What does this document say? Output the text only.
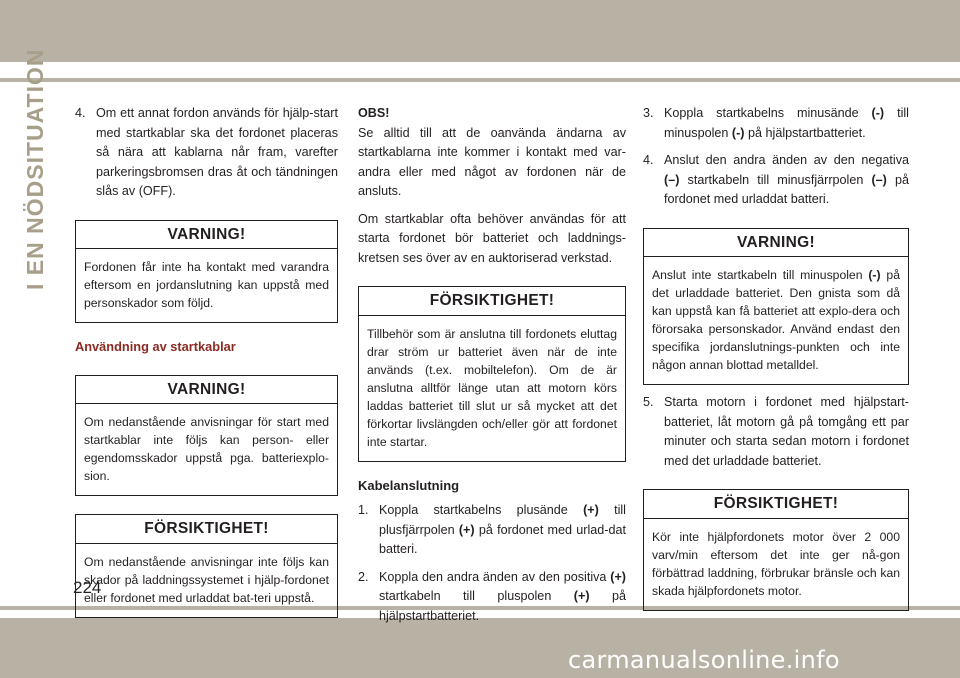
I EN NÖDSITUATION 4. Om ett annat fordon används för hjälp-start med startkablar ska det fordonet placeras så nära att kablarna når fram, varefter parkeringsbromsen dras åt och tändningen slås av (OFF).
VARNING!
Fordonen får inte ha kontakt med varandra eftersom en jordanslutning kan uppstå med personskador som följd.
Användning av startkablar
VARNING!
Om nedanstående anvisningar för start med startkablar inte följs kan person- eller egendomsskador uppstå pga. batteriexplo-sion.
FÖRSIKTIGHET!
Om nedanstående anvisningar inte följs kan skador på laddningssystemet i hjälp-fordonet eller fordonet med urladdat bat-teri uppstå.
OBS!
Se alltid till att de oanvända ändarna av startkablarna inte kommer i kontakt med var-andra eller med något av fordonen när de ansluts.
Om startkablar ofta behöver användas för att starta fordonet bör batteriet och laddnings-kretsen ses över av en auktoriserad verkstad.
FÖRSIKTIGHET!
Tillbehör som är anslutna till fordonets eluttag drar ström ur batteriet även när de inte används (t.ex. mobiltelefon). Om de är anslutna alltför länge utan att motorn körs laddas batteriet till slut ur så mycket att det förkortar livslängden och/eller gör att fordonet inte startar.
Kabelanslutning
1. Koppla startkabelns plusände (+) till plusfjärrpolen (+) på fordonet med urlad-dat batteri.
2. Koppla den andra änden av den positiva (+) startkabeln till pluspolen (+) på hjälpstartbatteriet.
3. Koppla startkabelns minusände (-) till minuspolen (-) på hjälpstartbatteriet.
4. Anslut den andra änden av den negativa (–) startkabeln till minusfjärrpolen (–) på fordonet med urladdat batteri.
VARNING!
Anslut inte startkabeln till minuspolen (-) på det urladdade batteriet. Den gnista som då kan uppstå kan få batteriet att explo-dera och förorsaka personskador. Använd endast den specifika jordanslutnings-punkten och inte någon annan blottad metalldel.
5. Starta motorn i fordonet med hjälpstart-batteriet, låt motorn gå på tomgång ett par minuter och starta sedan motorn i fordonet med det urladdade batteriet.
FÖRSIKTIGHET!
Kör inte hjälpfordonets motor över 2 000 varv/min eftersom det inte ger nå-gon förbättrad laddning, förbrukar bränsle och kan skada hjälpfordonets motor.
224
carmanualsonline.info
